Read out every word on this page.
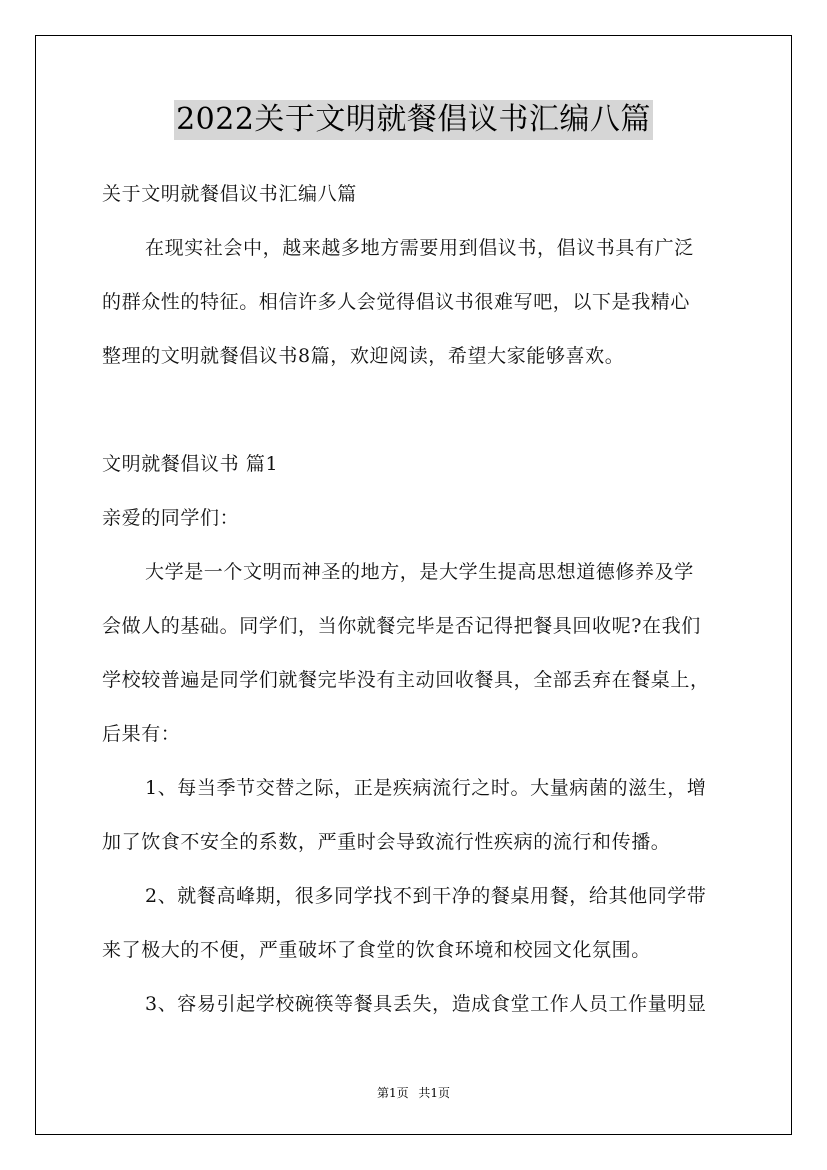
2022关于文明就餐倡议书汇编八篇
关于文明就餐倡议书汇编八篇
在现实社会中，越来越多地方需要用到倡议书，倡议书具有广泛
的群众性的特征。相信许多人会觉得倡议书很难写吧，以下是我精心
整理的文明就餐倡议书8篇，欢迎阅读，希望大家能够喜欢。
文明就餐倡议书 篇1
亲爱的同学们：
大学是一个文明而神圣的地方，是大学生提高思想道德修养及学
会做人的基础。同学们，当你就餐完毕是否记得把餐具回收呢?在我们
学校较普遍是同学们就餐完毕没有主动回收餐具，全部丢弃在餐桌上，
后果有：
1、每当季节交替之际，正是疾病流行之时。大量病菌的滋生，增
加了饮食不安全的系数，严重时会导致流行性疾病的流行和传播。
2、就餐高峰期，很多同学找不到干净的餐桌用餐，给其他同学带
来了极大的不便，严重破坏了食堂的饮食环境和校园文化氛围。
3、容易引起学校碗筷等餐具丢失，造成食堂工作人员工作量明显
第1页 共1页
